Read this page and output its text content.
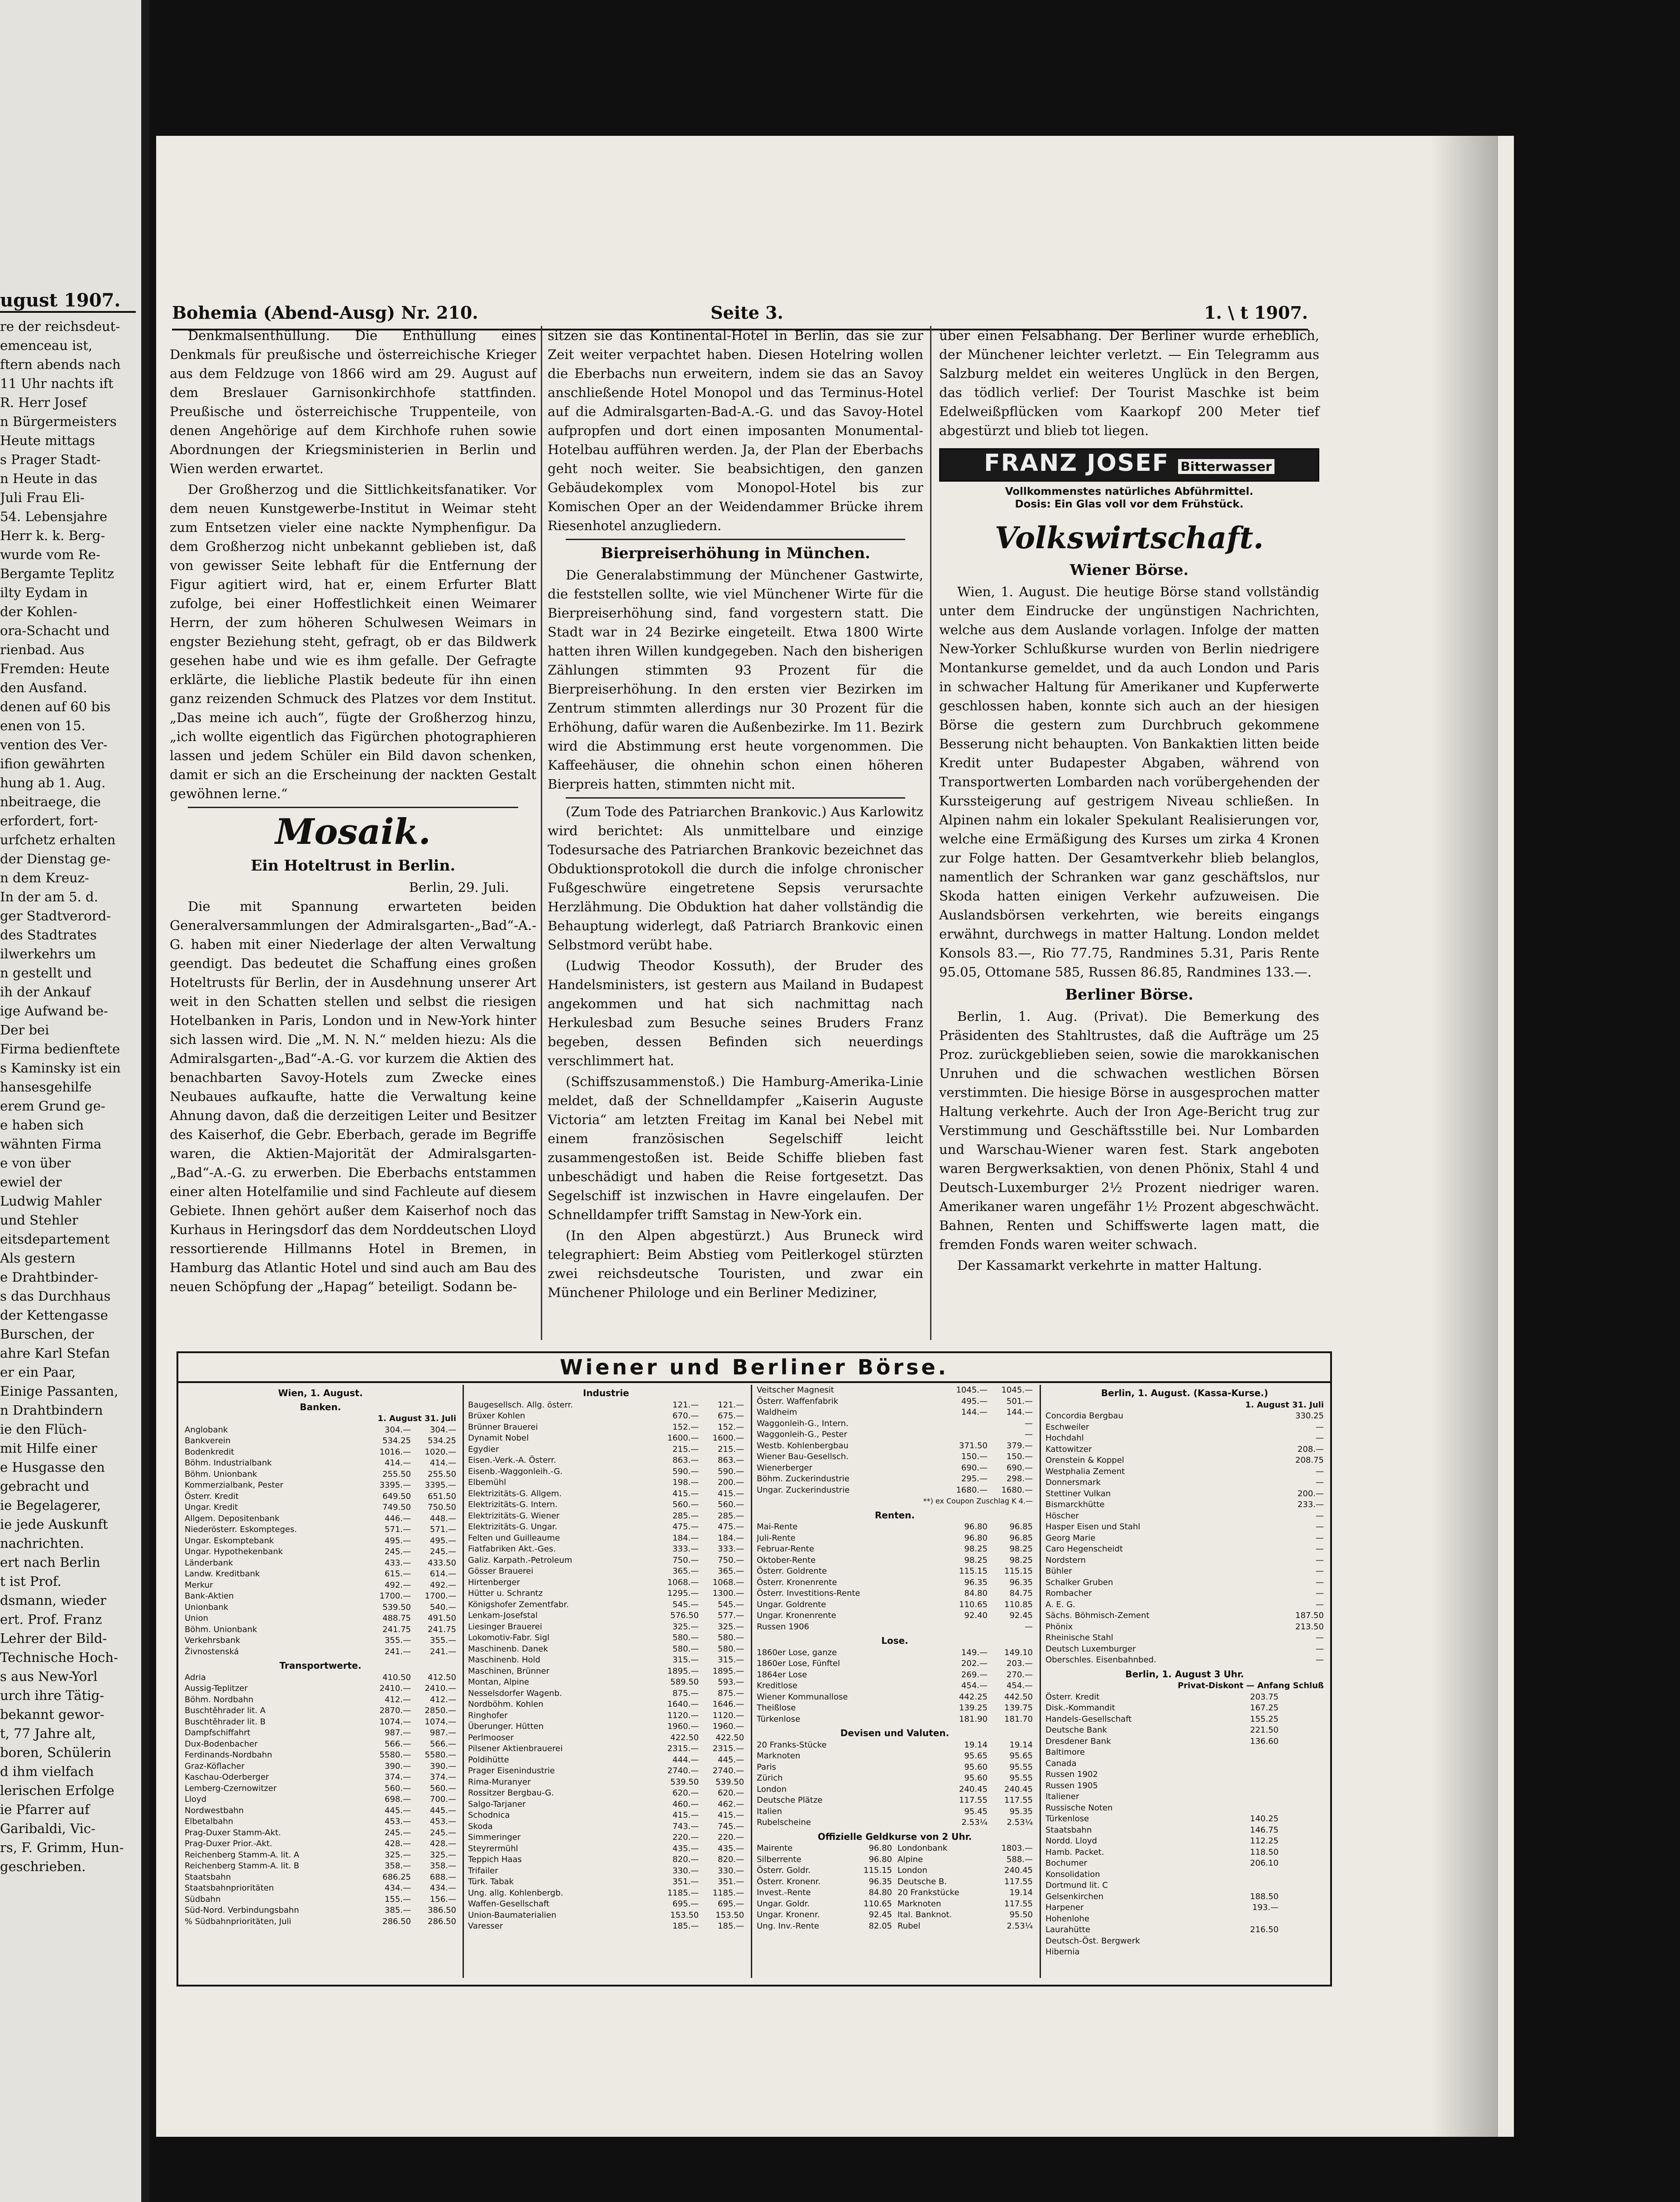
ugust 1907.
re der reichsdeut-
emenceau ist,
ftern abends nach
11 Uhr nachts ift
R. Herr Josef
n Bürgermeisters
Heute mittags
s Prager Stadt-
n Heute in das
Juli Frau Eli-
54. Lebensjahre
Herr k. k. Berg-
wurde vom Re-
Bergamte Teplitz
ilty Eydam in
der Kohlen-
ora-Schacht und
rienbad. Aus
Fremden: Heute
den Ausfand.
denen auf 60 bis
enen von 15.
vention des Ver-
ifion gewährten
hung ab 1. Aug.
nbeitraege, die
erfordert, fort-
urfchetz erhalten
der Dienstag ge-
n dem Kreuz-
In der am 5. d.
ger Stadtverord-
des Stadtrates
ilwerkehrs um
n gestellt und
ih der Ankauf
ige Aufwand be-
Der bei
Firma bedienftete
s Kaminsky ist ein
hansesgehilfe
erem Grund ge-
e haben sich
wähnten Firma
e von über
ewiel der
Ludwig Mahler
und Stehler
eitsdepartement
Als gestern
e Drahtbinder-
s das Durchhaus
der Kettengasse
Burschen, der
ahre Karl Stefan
er ein Paar,
Einige Passanten,
n Drahtbindern
ie den Flüch-
mit Hilfe einer
e Husgasse den
gebracht und
ie Begelagerer,
ie jede Auskunft
nachrichten.
ert nach Berlin
t ist Prof.
dsmann, wieder
ert. Prof. Franz
Lehrer der Bild-
Technische Hoch-
s aus New-Yorl
urch ihre Tätig-
bekannt gewor-
t, 77 Jahre alt,
boren, Schülerin
d ihm vielfach
lerischen Erfolge
ie Pfarrer auf
Garibaldi, Vic-
rs, F. Grimm, Hun-
geschrieben.
Bohemia (Abend-Ausg) Nr. 210.	Seite 3.	1. \ t 1907.

Denkmalsenthüllung. Die Enthüllung eines Denkmals für preußische und österreichische Krieger aus dem Feldzuge von 1866 wird am 29. August auf dem Breslauer Garnisonkirchhofe stattfinden. Preußische und österreichische Truppenteile, von denen Angehörige auf dem Kirchhofe ruhen sowie Abordnungen der Kriegsministerien in Berlin und Wien werden erwartet.

Der Großherzog und die Sittlichkeitsfanatiker. Vor dem neuen Kunstgewerbe-Institut in Weimar steht zum Entsetzen vieler eine nackte Nymphenfigur. Da dem Großherzog nicht unbekannt geblieben ist, daß von gewisser Seite lebhaft für die Entfernung der Figur agitiert wird, hat er, einem Erfurter Blatt zufolge, bei einer Hoffestlichkeit einen Weimarer Herrn, der zum höheren Schulwesen Weimars in engster Beziehung steht, gefragt, ob er das Bildwerk gesehen habe und wie es ihm gefalle. Der Gefragte erklärte, die liebliche Plastik bedeute für ihn einen ganz reizenden Schmuck des Platzes vor dem Institut. „Das meine ich auch“, fügte der Großherzog hinzu, „ich wollte eigentlich das Figürchen photographieren lassen und jedem Schüler ein Bild davon schenken, damit er sich an die Erscheinung der nackten Gestalt gewöhnen lerne.“

Mosaik.
Ein Hoteltrust in Berlin.
Berlin, 29. Juli.

Die mit Spannung erwarteten beiden Generalversammlungen der Admiralsgarten-„Bad“-A.-G. haben mit einer Niederlage der alten Verwaltung geendigt. Das bedeutet die Schaffung eines großen Hoteltrusts für Berlin, der in Ausdehnung unserer Art weit in den Schatten stellen und selbst die riesigen Hotelbanken in Paris, London und in New-York hinter sich lassen wird. Die „M. N. N.“ melden hiezu: Als die Admiralsgarten-„Bad“-A.-G. vor kurzem die Aktien des benachbarten Savoy-Hotels zum Zwecke eines Neubaues aufkaufte, hatte die Verwaltung keine Ahnung davon, daß die derzeitigen Leiter und Besitzer des Kaiserhof, die Gebr. Eberbach, gerade im Begriffe waren, die Aktien-Majorität der Admiralsgarten-„Bad“-A.-G. zu erwerben. Die Eberbachs entstammen einer alten Hotelfamilie und sind Fachleute auf diesem Gebiete. Ihnen gehört außer dem Kaiserhof noch das Kurhaus in Heringsdorf das dem Norddeutschen Lloyd ressortierende Hillmanns Hotel in Bremen, in Hamburg das Atlantic Hotel und sind auch am Bau des neuen Schöpfung der „Hapag“ beteiligt. Sodann be-

sitzen sie das Kontinental-Hotel in Berlin, das sie zur Zeit weiter verpachtet haben. Diesen Hotelring wollen die Eberbachs nun erweitern, indem sie das an Savoy anschließende Hotel Monopol und das Terminus-Hotel auf die Admiralsgarten-Bad-A.-G. und das Savoy-Hotel aufpropfen und dort einen imposanten Monumental-Hotelbau aufführen werden. Ja, der Plan der Eberbachs geht noch weiter. Sie beabsichtigen, den ganzen Gebäudekomplex vom Monopol-Hotel bis zur Komischen Oper an der Weidendammer Brücke ihrem Riesenhotel anzugliedern.

Bierpreiserhöhung in München.

Die Generalabstimmung der Münchener Gastwirte, die feststellen sollte, wie viel Münchener Wirte für die Bierpreiserhöhung sind, fand vorgestern statt. Die Stadt war in 24 Bezirke eingeteilt. Etwa 1800 Wirte hatten ihren Willen kundgegeben. Nach den bisherigen Zählungen stimmten 93 Prozent für die Bierpreiserhöhung. In den ersten vier Bezirken im Zentrum stimmten allerdings nur 30 Prozent für die Erhöhung, dafür waren die Außenbezirke. Im 11. Bezirk wird die Abstimmung erst heute vorgenommen. Die Kaffeehäuser, die ohnehin schon einen höheren Bierpreis hatten, stimmten nicht mit.

(Zum Tode des Patriarchen Brankovic.) Aus Karlowitz wird berichtet: Als unmittelbare und einzige Todesursache des Patriarchen Brankovic bezeichnet das Obduktionsprotokoll die durch die infolge chronischer Fußgeschwüre eingetretene Sepsis verursachte Herzlähmung. Die Obduktion hat daher vollständig die Behauptung widerlegt, daß Patriarch Brankovic einen Selbstmord verübt habe.

(Ludwig Theodor Kossuth), der Bruder des Handelsministers, ist gestern aus Mailand in Budapest angekommen und hat sich nachmittag nach Herkulesbad zum Besuche seines Bruders Franz begeben, dessen Befinden sich neuerdings verschlimmert hat.

(Schiffszusammenstoß.) Die Hamburg-Amerika-Linie meldet, daß der Schnelldampfer „Kaiserin Auguste Victoria“ am letzten Freitag im Kanal bei Nebel mit einem französischen Segelschiff leicht zusammengestoßen ist. Beide Schiffe blieben fast unbeschädigt und haben die Reise fortgesetzt. Das Segelschiff ist inzwischen in Havre eingelaufen. Der Schnelldampfer trifft Samstag in New-York ein.

(In den Alpen abgestürzt.) Aus Bruneck wird telegraphiert: Beim Abstieg vom Peitlerkogel stürzten zwei reichsdeutsche Touristen, und zwar ein Münchener Philologe und ein Berliner Mediziner,

über einen Felsabhang. Der Berliner wurde erheblich, der Münchener leichter verletzt. — Ein Telegramm aus Salzburg meldet ein weiteres Unglück in den Bergen, das tödlich verlief: Der Tourist Maschke ist beim Edelweißpflücken vom Kaarkopf 200 Meter tief abgestürzt und blieb tot liegen.

FRANZ JOSEF Bitterwasser
Vollkommenstes natürliches Abführmittel.
Dosis: Ein Glas voll vor dem Frühstück.
Volkswirtschaft.
Wiener Börse.

Wien, 1. August. Die heutige Börse stand vollständig unter dem Eindrucke der ungünstigen Nachrichten, welche aus dem Auslande vorlagen. Infolge der matten New-Yorker Schlußkurse wurden von Berlin niedrigere Montankurse gemeldet, und da auch London und Paris in schwacher Haltung für Amerikaner und Kupferwerte geschlossen haben, konnte sich auch an der hiesigen Börse die gestern zum Durchbruch gekommene Besserung nicht behaupten. Von Bankaktien litten beide Kredit unter Budapester Abgaben, während von Transportwerten Lombarden nach vorübergehenden der Kurssteigerung auf gestrigem Niveau schließen. In Alpinen nahm ein lokaler Spekulant Realisierungen vor, welche eine Ermäßigung des Kurses um zirka 4 Kronen zur Folge hatten. Der Gesamtverkehr blieb belanglos, namentlich der Schranken war ganz geschäftslos, nur Skoda hatten einigen Verkehr aufzuweisen. Die Auslandsbörsen verkehrten, wie bereits eingangs erwähnt, durchwegs in matter Haltung. London meldet Konsols 83.—, Rio 77.75, Randmines 5.31, Paris Rente 95.05, Ottomane 585, Russen 86.85, Randmines 133.—.

Berliner Börse.

Berlin, 1. Aug. (Privat). Die Bemerkung des Präsidenten des Stahltrustes, daß die Aufträge um 25 Proz. zurückgeblieben seien, sowie die marokkanischen Unruhen und die schwachen westlichen Börsen verstimmten. Die hiesige Börse in ausgesprochen matter Haltung verkehrte. Auch der Iron Age-Bericht trug zur Verstimmung und Geschäftsstille bei. Nur Lombarden und Warschau-Wiener waren fest. Stark angeboten waren Bergwerksaktien, von denen Phönix, Stahl 4 und Deutsch-Luxemburger 2½ Prozent niedriger waren. Amerikaner waren ungefähr 1½ Prozent abgeschwächt. Bahnen, Renten und Schiffswerte lagen matt, die fremden Fonds waren weiter schwach.

Der Kassamarkt verkehrte in matter Haltung.

Wiener und Berliner Börse.
Wien, 1. August.
Banken.
1. August 31. Juli
Anglobank	304.—	304.—
Bankverein	534.25	534.25
Bodenkredit	1016.—	1020.—
Böhm. Industrialbank	414.—	414.—
Böhm. Unionbank	255.50	255.50
Kommerzialbank, Pester	3395.—	3395.—
Österr. Kredit	649.50	651.50
Ungar. Kredit	749.50	750.50
Allgem. Depositenbank	446.—	448.—
Niederösterr. Eskompteges.	571.—	571.—
Ungar. Eskomptebank	495.—	495.—
Ungar. Hypothekenbank	245.—	245.—
Länderbank	433.—	433.50
Landw. Kreditbank	615.—	614.—
Merkur	492.—	492.—
Bank-Aktien	1700.—	1700.—
Unionbank	539.50	540.—
Union	488.75	491.50
Böhm. Unionbank	241.75	241.75
Verkehrsbank	355.—	355.—
Živnostenská	241.—	241.—
Transportwerte.
Adria	410.50	412.50
Aussig-Teplitzer	2410.—	2410.—
Böhm. Nordbahn	412.—	412.—
Buschtěhrader lit. A	2870.—	2850.—
Buschtěhrader lit. B	1074.—	1074.—
Dampfschiffahrt	987.—	987.—
Dux-Bodenbacher	566.—	566.—
Ferdinands-Nordbahn	5580.—	5580.—
Graz-Köflacher	390.—	390.—
Kaschau-Oderberger	374.—	374.—
Lemberg-Czernowitzer	560.—	560.—
Lloyd	698.—	700.—
Nordwestbahn	445.—	445.—
Elbetalbahn	453.—	453.—
Prag-Duxer Stamm-Akt.	245.—	245.—
Prag-Duxer Prior.-Akt.	428.—	428.—
Reichenberg Stamm-A. lit. A	325.—	325.—
Reichenberg Stamm-A. lit. B	358.—	358.—
Staatsbahn	686.25	688.—
Staatsbahnprioritäten	434.—	434.—
Südbahn	155.—	156.—
Süd-Nord. Verbindungsbahn	385.—	386.50
% Südbahnprioritäten, Juli	286.50	286.50
Industrie
Baugesellsch. Allg. österr.	121.—	121.—
Brüxer Kohlen	670.—	675.—
Brünner Brauerei	152.—	152.—
Dynamit Nobel	1600.—	1600.—
Egydier	215.—	215.—
Eisen.-Verk.-A. Österr.	863.—	863.—
Eisenb.-Waggonleih.-G.	590.—	590.—
Elbemühl	198.—	200.—
Elektrizitäts-G. Allgem.	415.—	415.—
Elektrizitäts-G. Intern.	560.—	560.—
Elektrizitäts-G. Wiener	285.—	285.—
Elektrizitäts-G. Ungar.	475.—	475.—
Felten und Guilleaume	184.—	184.—
Fiatfabriken Akt.-Ges.	333.—	333.—
Galiz. Karpath.-Petroleum	750.—	750.—
Gösser Brauerei	365.—	365.—
Hirtenberger	1068.—	1068.—
Hütter u. Schrantz	1295.—	1300.—
Königshofer Zementfabr.	545.—	545.—
Lenkam-Josefstal	576.50	577.—
Liesinger Brauerei	325.—	325.—
Lokomotiv-Fabr. Sigl	580.—	580.—
Maschinenb. Danek	580.—	580.—
Maschinenb. Hold	315.—	315.—
Maschinen, Brünner	1895.—	1895.—
Montan, Alpine	589.50	593.—
Nesselsdorfer Wagenb.	875.—	875.—
Nordböhm. Kohlen	1640.—	1646.—
Ringhofer	1120.—	1120.—
Überunger. Hütten	1960.—	1960.—
Perlmooser	422.50	422.50
Pilsener Aktienbrauerei	2315.—	2315.—
Poldihütte	444.—	445.—
Prager Eisenindustrie	2740.—	2740.—
Rima-Muranyer	539.50	539.50
Rossitzer Bergbau-G.	620.—	620.—
Salgo-Tarjaner	460.—	462.—
Schodnica	415.—	415.—
Skoda	743.—	745.—
Simmeringer	220.—	220.—
Steyrermühl	435.—	435.—
Teppich Haas	820.—	820.—
Trifailer	330.—	330.—
Türk. Tabak	351.—	351.—
Ung. allg. Kohlenbergb.	1185.—	1185.—
Waffen-Gesellschaft	695.—	695.—
Union-Baumaterialien	153.50	153.50
Varesser	185.—	185.—
Veitscher Magnesit	1045.—	1045.—
Österr. Waffenfabrik	495.—	501.—
Waldheim	144.—	144.—
Waggonleih-G., Intern.	—
Waggonleih-G., Pester	—
Westb. Kohlenbergbau	371.50	379.—
Wiener Bau-Gesellsch.	150.—	150.—
Wienerberger	690.—	690.—
Böhm. Zuckerindustrie	295.—	298.—
Ungar. Zuckerindustrie	1680.—	1680.—
**) ex Coupon Zuschlag K 4.—
Renten.
Mai-Rente	96.80	96.85
Juli-Rente	96.80	96.85
Februar-Rente	98.25	98.25
Oktober-Rente	98.25	98.25
Österr. Goldrente	115.15	115.15
Österr. Kronenrente	96.35	96.35
Österr. Investitions-Rente	84.80	84.75
Ungar. Goldrente	110.65	110.85
Ungar. Kronenrente	92.40	92.45
Russen 1906	—
Lose.
1860er Lose, ganze	149.—	149.10
1860er Lose, Fünftel	202.—	203.—
1864er Lose	269.—	270.—
Kreditlose	454.—	454.—
Wiener Kommunallose	442.25	442.50
Theißlose	139.25	139.75
Türkenlose	181.90	181.70
Devisen und Valuten.
20 Franks-Stücke	19.14	19.14
Marknoten	95.65	95.65
Paris	95.60	95.55
Zürich	95.60	95.55
London	240.45	240.45
Deutsche Plätze	117.55	117.55
Italien	95.45	95.35
Rubelscheine	2.53¼	2.53¼
Offizielle Geldkurse von 2 Uhr.
Mairente	96.80 Londonbank	1803.—
Silberrente	96.80 Alpine	588.—
Österr. Goldr.	115.15 London	240.45
Österr. Kronenr.	96.35 Deutsche B.	117.55
Invest.-Rente	84.80 20 Frankstücke	19.14
Ungar. Goldr.	110.65 Marknoten	117.55
Ungar. Kronenr.	92.45 Ital. Banknot.	95.50
Ung. Inv.-Rente	82.05 Rubel	2.53¼
Berlin, 1. August. (Kassa-Kurse.)
1. August 31. Juli
Concordia Bergbau	330.25
Eschweiler	—
Hochdahl	—
Kattowitzer	208.—
Orenstein & Koppel	208.75
Westphalia Zement	—
Donnersmark	—
Stettiner Vulkan	200.—
Bismarckhütte	233.—
Höscher	—
Hasper Eisen und Stahl	—
Georg Marie	—
Caro Hegenscheidt	—
Nordstern	—
Bühler	—
Schalker Gruben	—
Rombacher	—
A. E. G.	—
Sächs. Böhmisch-Zement	187.50
Phönix	213.50
Rheinische Stahl	—
Deutsch Luxemburger	—
Oberschles. Eisenbahnbed.	—
Berlin, 1. August 3 Uhr.
Privat-Diskont — Anfang Schluß
Österr. Kredit	203.75
Disk.-Kommandit	167.25
Handels-Gesellschaft	155.25
Deutsche Bank	221.50
Dresdener Bank	136.60
Baltimore
Canada
Russen 1902
Russen 1905
Italiener
Russische Noten
Türkenlose	140.25
Staatsbahn	146.75
Nordd. Lloyd	112.25
Hamb. Packet.	118.50
Bochumer	206.10
Konsolidation
Dortmund lit. C
Gelsenkirchen	188.50
Harpener	193.—
Hohenlohe
Laurahütte	216.50
Deutsch-Öst. Bergwerk
Hibernia
